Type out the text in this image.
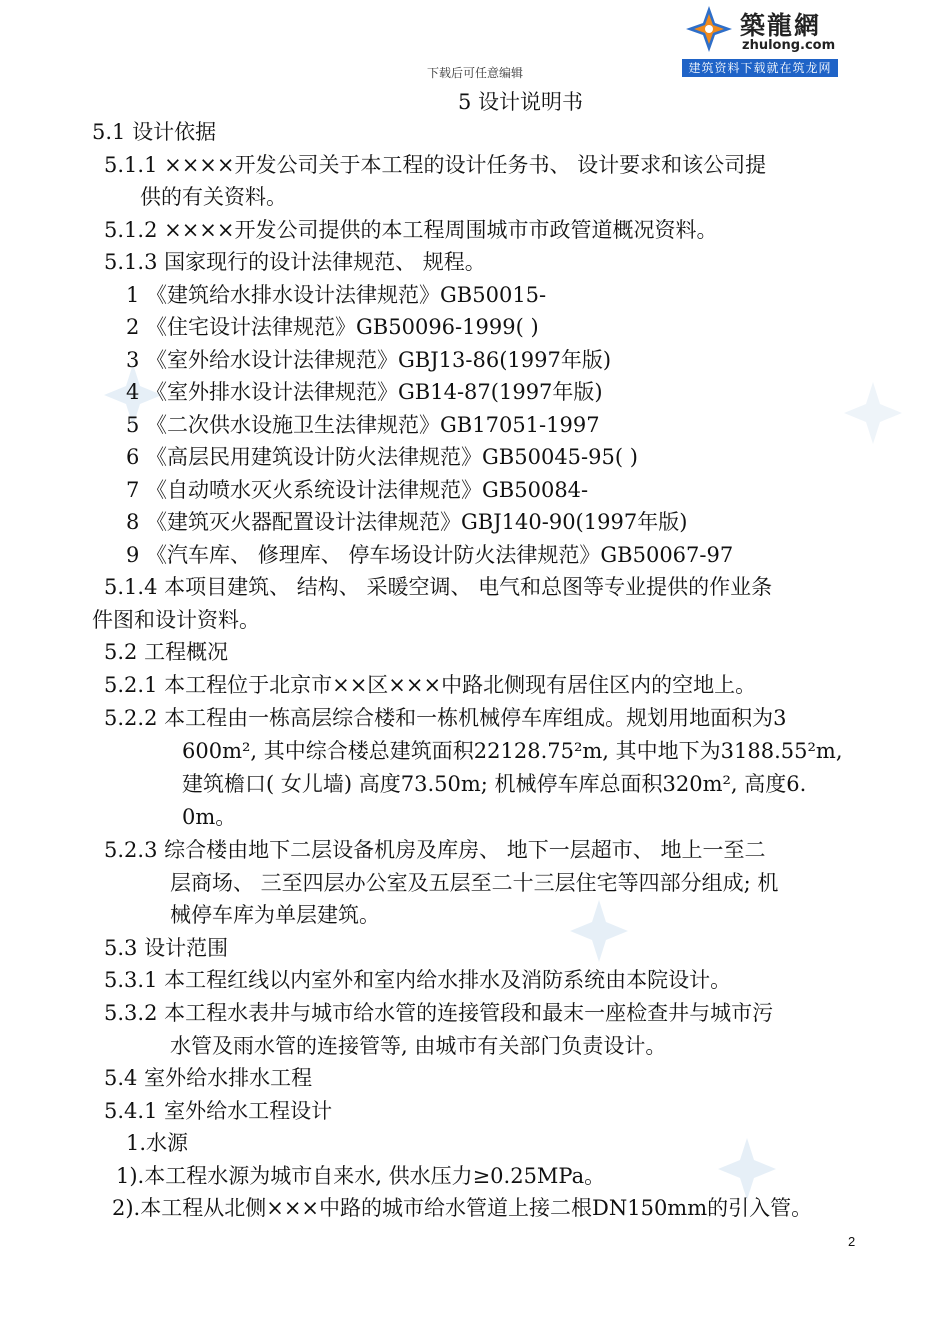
築龍網
zhulong.com
建筑资料下载就在筑龙网
下载后可任意编辑
5 设计说明书
5.1 设计依据
5.1.1 ××××开发公司关于本工程的设计任务书、 设计要求和该公司提
供的有关资料。
5.1.2 ××××开发公司提供的本工程周围城市市政管道概况资料。
5.1.3 国家现行的设计法律规范、 规程。
1 《建筑给水排水设计法律规范》GB50015-
2 《住宅设计法律规范》GB50096-1999( )
3 《室外给水设计法律规范》GBJ13-86(1997年版)
4 《室外排水设计法律规范》GB14-87(1997年版)
5 《二次供水设施卫生法律规范》GB17051-1997
6 《高层民用建筑设计防火法律规范》GB50045-95( )
7 《自动喷水灭火系统设计法律规范》GB50084-
8 《建筑灭火器配置设计法律规范》GBJ140-90(1997年版)
9 《汽车库、 修理库、 停车场设计防火法律规范》GB50067-97
5.1.4 本项目建筑、 结构、 采暖空调、 电气和总图等专业提供的作业条
件图和设计资料。
5.2 工程概况
5.2.1 本工程位于北京市××区×××中路北侧现有居住区内的空地上。
5.2.2 本工程由一栋高层综合楼和一栋机械停车库组成。规划用地面积为3
600m², 其中综合楼总建筑面积22128.75²m, 其中地下为3188.55²m,
建筑檐口( 女儿墙) 高度73.50m; 机械停车库总面积320m², 高度6.
0m。
5.2.3 综合楼由地下二层设备机房及库房、 地下一层超市、 地上一至二
层商场、 三至四层办公室及五层至二十三层住宅等四部分组成; 机
械停车库为单层建筑。
5.3 设计范围
5.3.1 本工程红线以内室外和室内给水排水及消防系统由本院设计。
5.3.2 本工程水表井与城市给水管的连接管段和最末一座检查井与城市污
水管及雨水管的连接管等, 由城市有关部门负责设计。
5.4 室外给水排水工程
5.4.1 室外给水工程设计
1.水源
1).本工程水源为城市自来水, 供水压力≥0.25MPa。
2).本工程从北侧×××中路的城市给水管道上接二根DN150mm的引入管。
2
